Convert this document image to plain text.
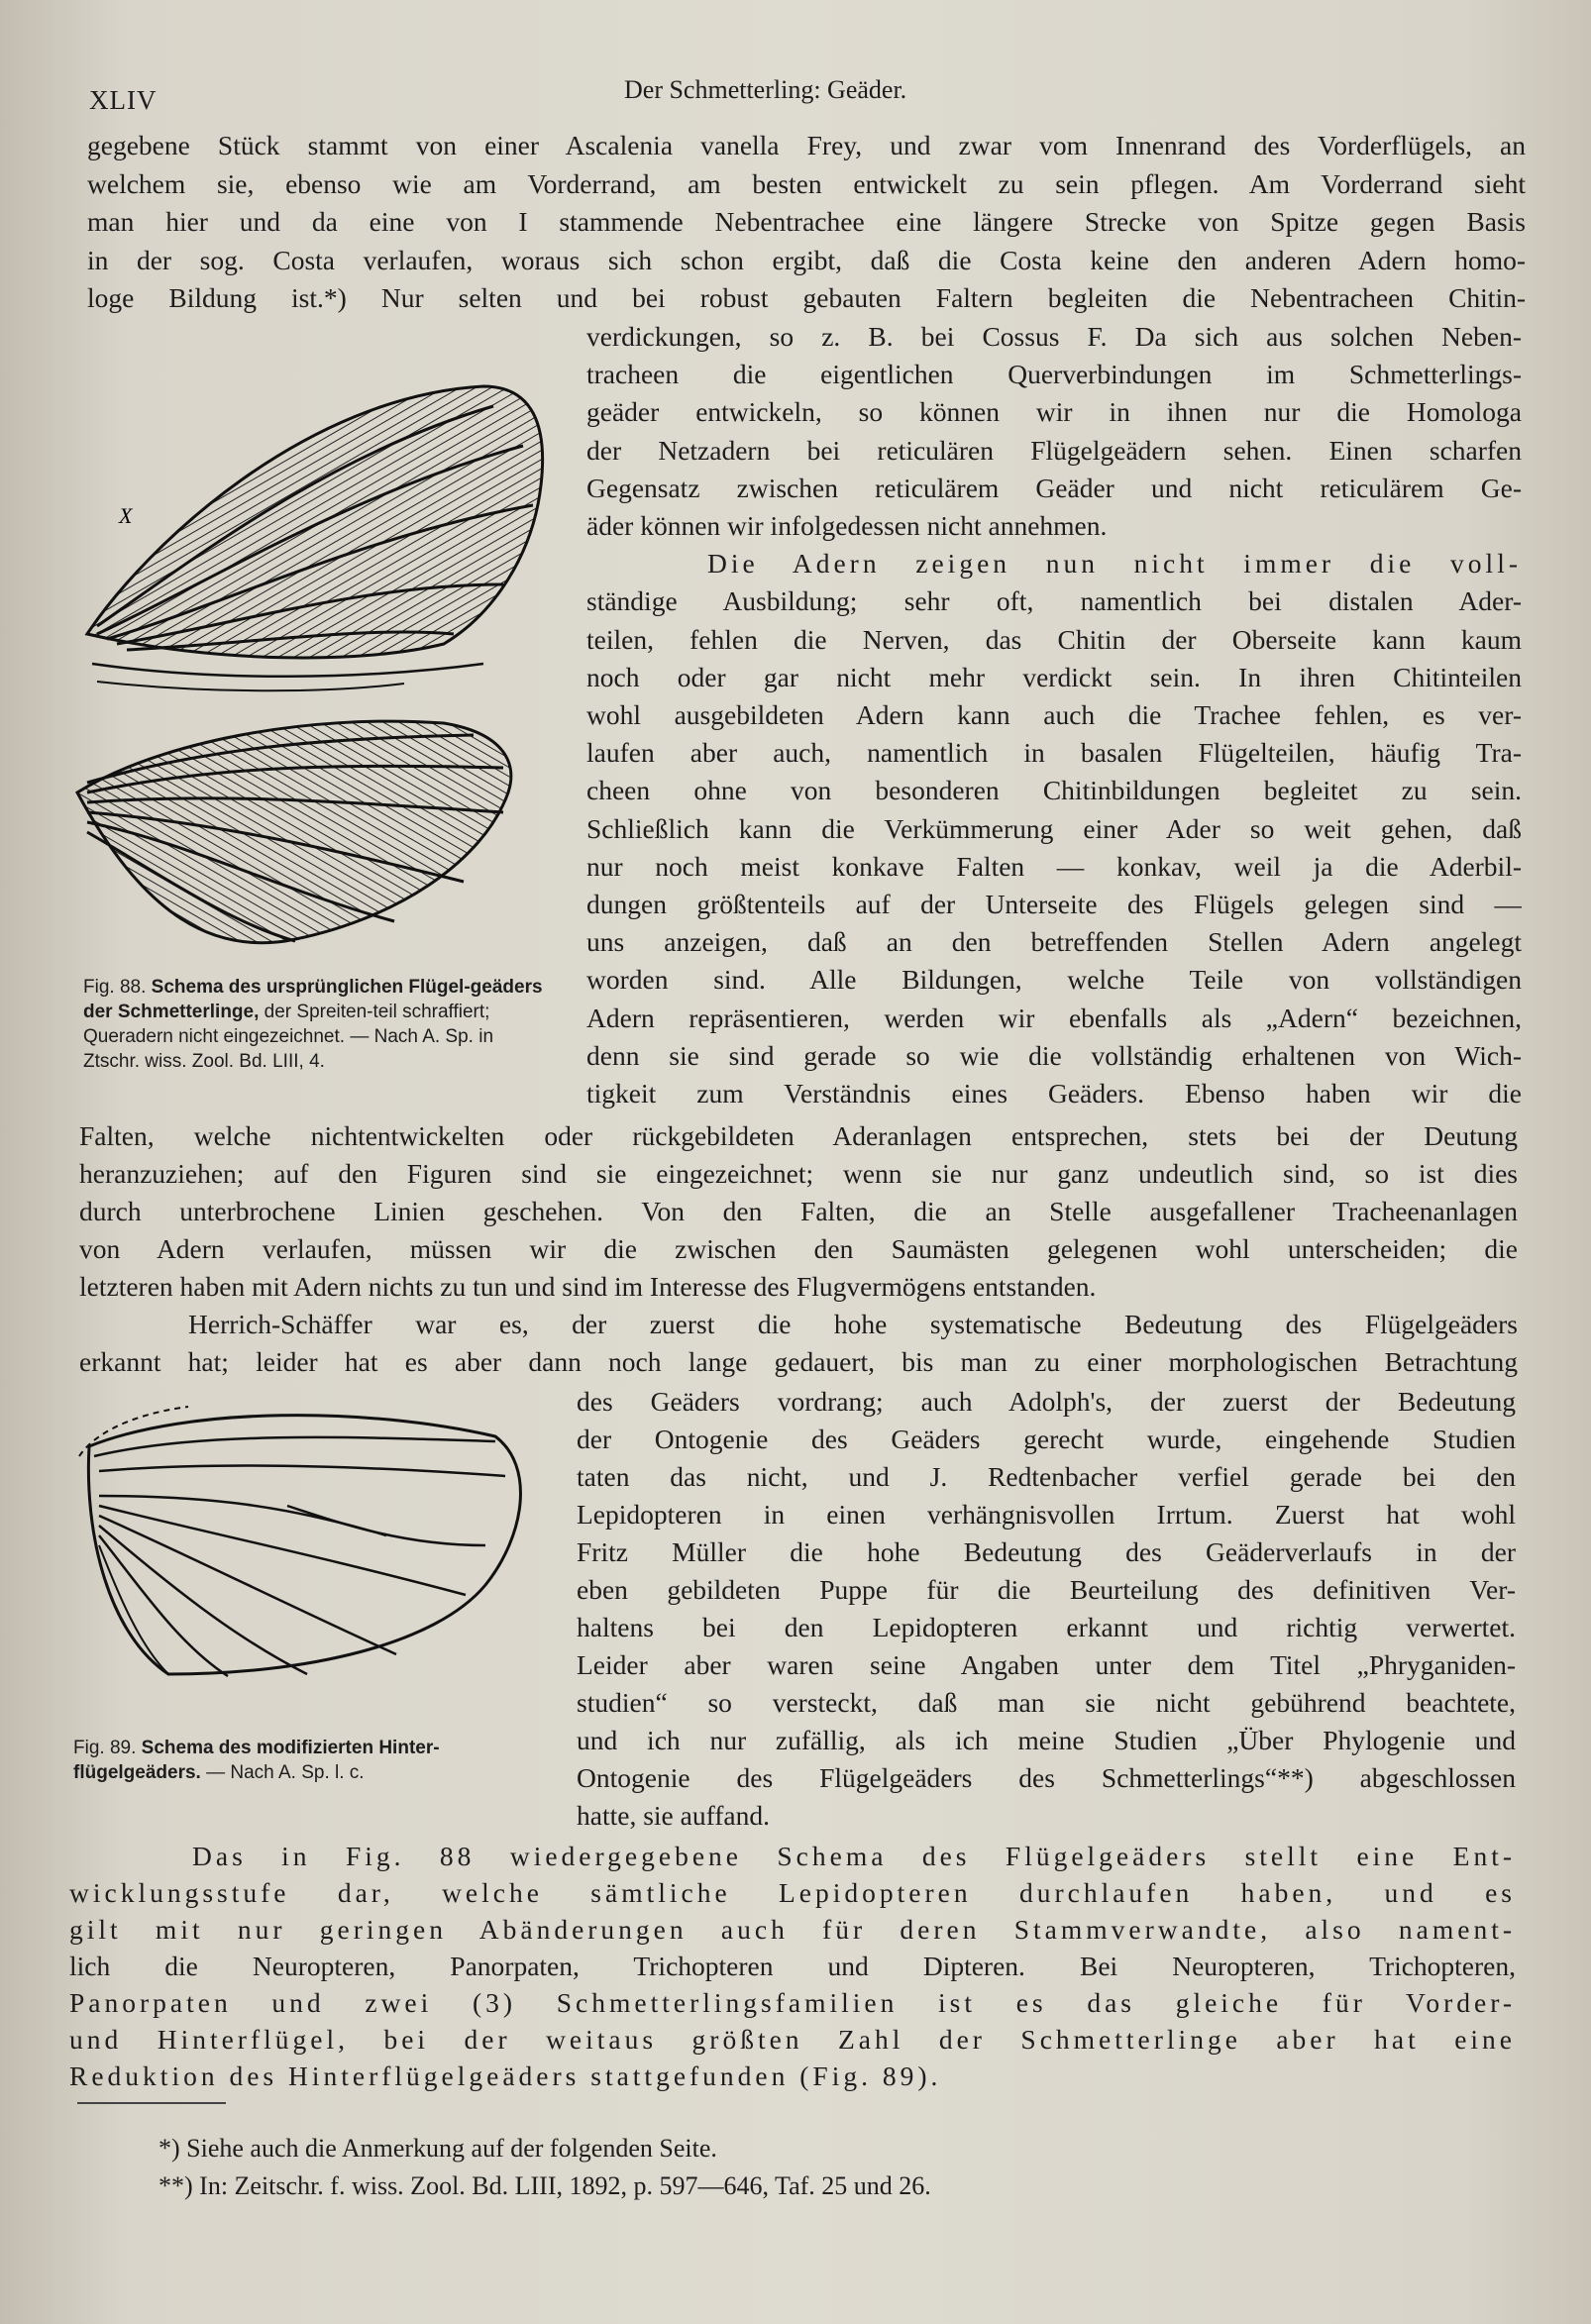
XLIV	Der Schmetterling: Geäder.
gegebene Stück stammt von einer Ascalenia vanella Frey, und zwar vom Innenrand des Vorderflügels, an
welchem sie, ebenso wie am Vorderrand, am besten entwickelt zu sein pflegen. Am Vorderrand sieht
man hier und da eine von I stammende Nebentrachee eine längere Strecke von Spitze gegen Basis
in der sog. Costa verlaufen, woraus sich schon ergibt, daß die Costa keine den anderen Adern homo-
loge Bildung ist.*) Nur selten und bei robust gebauten Faltern begleiten die Nebentracheen Chitin-
verdickungen, so z. B. bei Cossus F. Da sich aus solchen Neben-
tracheen die eigentlichen Querverbindungen im Schmetterlings-
geäder entwickeln, so können wir in ihnen nur die Homologa
der Netzadern bei reticulären Flügelgeädern sehen. Einen scharfen
Gegensatz zwischen reticulärem Geäder und nicht reticulärem Ge-
äder können wir infolgedessen nicht annehmen.
Die Adern zeigen nun nicht immer die voll-
ständige Ausbildung; sehr oft, namentlich bei distalen Ader-
teilen, fehlen die Nerven, das Chitin der Oberseite kann kaum
noch oder gar nicht mehr verdickt sein. In ihren Chitinteilen
wohl ausgebildeten Adern kann auch die Trachee fehlen, es ver-
laufen aber auch, namentlich in basalen Flügelteilen, häufig Tra-
cheen ohne von besonderen Chitinbildungen begleitet zu sein.
Schließlich kann die Verkümmerung einer Ader so weit gehen, daß
nur noch meist konkave Falten — konkav, weil ja die Aderbil-
dungen größtenteils auf der Unterseite des Flügels gelegen sind —
uns anzeigen, daß an den betreffenden Stellen Adern angelegt
worden sind. Alle Bildungen, welche Teile von vollständigen
Adern repräsentieren, werden wir ebenfalls als „Adern“ bezeichnen,
denn sie sind gerade so wie die vollständig erhaltenen von Wich-
tigkeit zum Verständnis eines Geäders. Ebenso haben wir die
X
Fig. 88. Schema des ursprünglichen Flügel-geäders der Schmetterlinge, der Spreiten-teil schraffiert; Queradern nicht eingezeichnet. — Nach A. Sp. in Ztschr. wiss. Zool. Bd. LIII, 4.
Falten, welche nichtentwickelten oder rückgebildeten Aderanlagen entsprechen, stets bei der Deutung
heranzuziehen; auf den Figuren sind sie eingezeichnet; wenn sie nur ganz undeutlich sind, so ist dies
durch unterbrochene Linien geschehen. Von den Falten, die an Stelle ausgefallener Tracheenanlagen
von Adern verlaufen, müssen wir die zwischen den Saumästen gelegenen wohl unterscheiden; die
letzteren haben mit Adern nichts zu tun und sind im Interesse des Flugvermögens entstanden.
Herrich-Schäffer war es, der zuerst die hohe systematische Bedeutung des Flügelgeäders
erkannt hat; leider hat es aber dann noch lange gedauert, bis man zu einer morphologischen Betrachtung
des Geäders vordrang; auch Adolph's, der zuerst der Bedeutung
der Ontogenie des Geäders gerecht wurde, eingehende Studien
taten das nicht, und J. Redtenbacher verfiel gerade bei den
Lepidopteren in einen verhängnisvollen Irrtum. Zuerst hat wohl
Fritz Müller die hohe Bedeutung des Geäderverlaufs in der
eben gebildeten Puppe für die Beurteilung des definitiven Ver-
haltens bei den Lepidopteren erkannt und richtig verwertet.
Leider aber waren seine Angaben unter dem Titel „Phryganiden-
studien“ so versteckt, daß man sie nicht gebührend beachtete,
und ich nur zufällig, als ich meine Studien „Über Phylogenie und
Ontogenie des Flügelgeäders des Schmetterlings“**) abgeschlossen
hatte, sie auffand.
Fig. 89. Schema des modifizierten Hinter-flügelgeäders. — Nach A. Sp. l. c.
Das in Fig. 88 wiedergegebene Schema des Flügelgeäders stellt eine Ent-
wicklungsstufe dar, welche sämtliche Lepidopteren durchlaufen haben, und es
gilt mit nur geringen Abänderungen auch für deren Stammverwandte, also nament-
lich die Neuropteren, Panorpaten, Trichopteren und Dipteren. Bei Neuropteren, Trichopteren,
Panorpaten und zwei (3) Schmetterlingsfamilien ist es das gleiche für Vorder-
und Hinterflügel, bei der weitaus größten Zahl der Schmetterlinge aber hat eine
Reduktion des Hinterflügelgeäders stattgefunden (Fig. 89).
*) Siehe auch die Anmerkung auf der folgenden Seite.
**) In: Zeitschr. f. wiss. Zool. Bd. LIII, 1892, p. 597—646, Taf. 25 und 26.
